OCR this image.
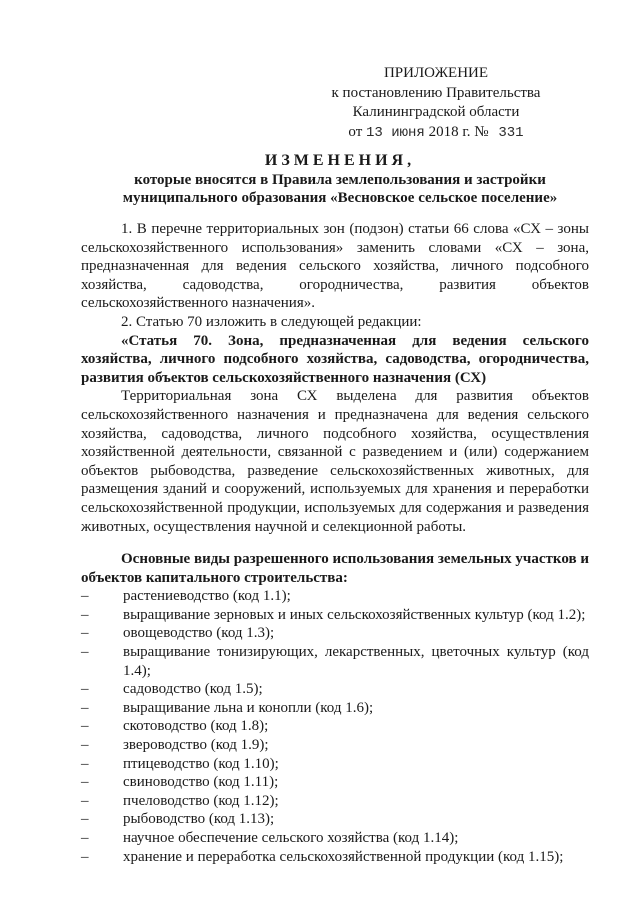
ПРИЛОЖЕНИЕ
к постановлению Правительства
Калининградской области
от 13 июня 2018 г. № 331
ИЗМЕНЕНИЯ,
которые вносятся в Правила землепользования и застройки
муниципального образования «Весновское сельское поселение»

1. В перечне территориальных зон (подзон) статьи 66 слова «СХ – зоны сельскохозяйственного использования» заменить словами «СХ – зона, предназначенная для ведения сельского хозяйства, личного подсобного хозяйства, садоводства, огородничества, развития объектов сельскохозяйственного назначения».

2. Статью 70 изложить в следующей редакции:

«Статья 70. Зона, предназначенная для ведения сельского хозяйства, личного подсобного хозяйства, садоводства, огородничества, развития объектов сельскохозяйственного назначения (СХ)

Территориальная зона СХ выделена для развития объектов сельскохозяйственного назначения и предназначена для ведения сельского хозяйства, садоводства, личного подсобного хозяйства, осуществления хозяйственной деятельности, связанной с разведением и (или) содержанием объектов рыбоводства, разведение сельскохозяйственных животных, для размещения зданий и сооружений, используемых для хранения и переработки сельскохозяйственной продукции, используемых для содержания и разведения животных, осуществления научной и селекционной работы.

Основные виды разрешенного использования земельных участков и объектов капитального строительства:

– растениеводство (код 1.1);
– выращивание зерновых и иных сельскохозяйственных культур (код 1.2);
– овощеводство (код 1.3);
– выращивание тонизирующих, лекарственных, цветочных культур (код 1.4);
– садоводство (код 1.5);
– выращивание льна и конопли (код 1.6);
– скотоводство (код 1.8);
– звероводство (код 1.9);
– птицеводство (код 1.10);
– свиноводство (код 1.11);
– пчеловодство (код 1.12);
– рыбоводство (код 1.13);
– научное обеспечение сельского хозяйства (код 1.14);
– хранение и переработка сельскохозяйственной продукции (код 1.15);
